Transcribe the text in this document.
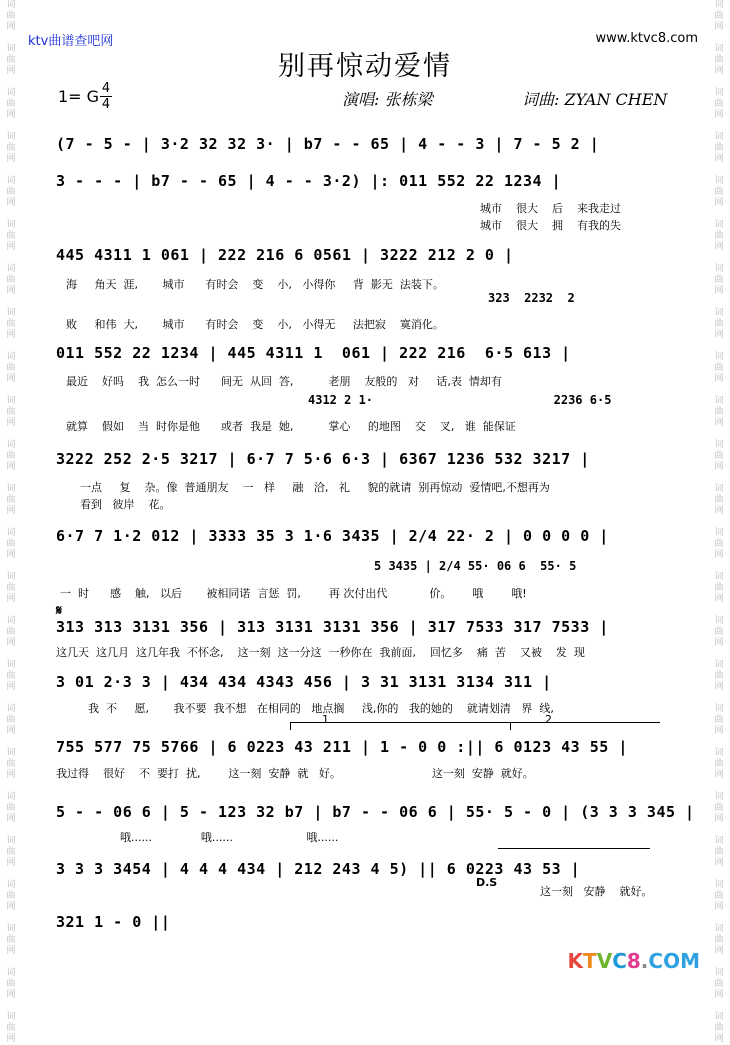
词
曲
网

词
曲
网

词
曲
网

词
曲
网

词
曲
网

词
曲
网

词
曲
网

词
曲
网

词
曲
网

词
曲
网

词
曲
网

词
曲
网

词
曲
网

词
曲
网

词
曲
网

词
曲
网

词
曲
网

词
曲
网

词
曲
网

词
曲
网

词
曲
网

词
曲
网

词
曲
网

词
曲
网

词
曲
网

词
曲
网

词
曲
网

词
曲
网

词
曲
网

词
曲
网

词
曲
网

词
曲
网

词
曲
网

词
曲
网

词
曲
网

词
曲
网

词
曲
网

词
曲
网

词
曲
网

词
曲
网

词
曲
网

词
曲
网

词
曲
网

词
曲
网

词
曲
网

词
曲
网

词
曲
网

词
曲
网

ktv曲谱查吧网	www.ktvc8.com
别再惊动爱情
1= G 4
4	演唱: 张栋梁	词曲: ZYAN CHEN
(7 - 5 - | 3·2 32 32 3· | b7 - - 65 | 4 - - 3 | 7 - 5 2 |
3 - - - | b7 - - 65 | 4 - - 3·2) |: 011 552 22 1234 |
城市    很大    后    来我走过
城市    很大    拥    有我的失
445 4311 1 061 | 222 216 6 0561 | 3222 212 2 0 |
海     角天  涯,       城市      有时会    变    小,   小得你     背  影无  法装下。
323  2232  2
败     和伟  大,       城市      有时会    变    小,   小得无     法把寂    寞消化。
011 552 22 1234 | 445 4311 1  061 | 222 216  6·5 613 |
最近    好吗    我  怎么一时      间无  从回  答,          老朋    友般的   对     话,表  情却有
4312 2 1·                         2236 6·5
就算    假如    当  时你是他      或者  我是  她,          掌心     的地图    交    叉,   谁  能保证
3222 252 2·5 3217 | 6·7 7 5·6 6·3 | 6367 1236 532 3217 |
一点     复    杂。像  普通朋友    一   样     融   洽,   礼     貌的就请  别再惊动  爱情吧,不想再为
看到   彼岸    花。
6·7 7 1·2 012 | 3333 35 3 1·6 3435 | 2/4 22· 2 | 0 0 0 0 |
5 3435 | 2/4 55· 06 6  55· 5
一  时      感    触,   以后       被相同诺  言惩  罚,        再 次付出代            价。      哦        哦!
𝄋
313 313 3131 356 | 313 3131 3131 356 | 317 7533 317 7533 |
这几天  这几月  这几年我  不怀念,    这一刻  这一分这  一秒你在  我前面,    回忆多    痛  苦    又被    发  现
3 01 2·3 3 | 434 434 4343 456 | 3 31 3131 3134 311 |
我  不     愿,       我不要  我不想   在相同的   地点搁     浅,你的   我的她的    就请划清   界  线,
1	2
755 577 75 5766 | 6 0223 43 211 | 1 - 0 0 :|| 6 0123 43 55 |
我过得    很好    不  要打  扰,        这一刻  安静  就   好。                          这一刻  安静  就好。
5 - - 06 6 | 5 - 123 32 b7 | b7 - - 06 6 | 55· 5 - 0 | (3 3 3 345 |
哦......              哦......                     哦......
3 3 3 3454 | 4 4 4 434 | 212 243 4 5) || 6 0223 43 53 |
D.S
这一刻   安静    就好。
321 1 - 0 ||
KTVC8.COM
